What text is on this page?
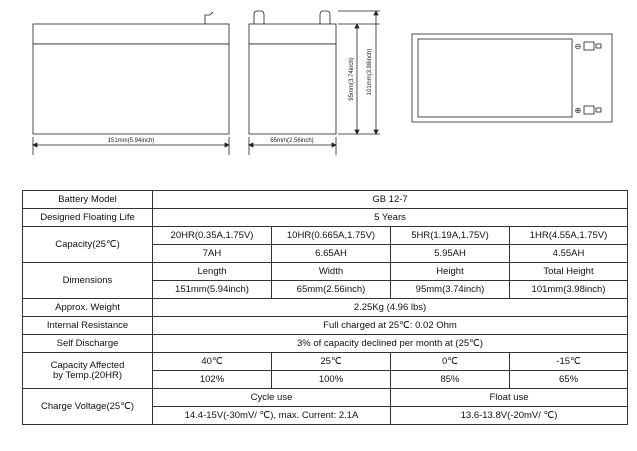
151mm(5.94inch)	65mm(2.56inch)
95mm(3.74inch) 101mm(3.98inch)
⊖
⊕
Battery Model	GB 12-7			
Designed Floating Life	5 Years			
Capacity(25℃)	20HR(0.35A,1.75V)	10HR(0.665A,1.75V)	5HR(1.19A,1.75V)	1HR(4.55A,1.75V)
	7AH	6.65AH	5.95AH	4.55AH
Dimensions	Length	Width	Height	Total Height
	151mm(5.94inch)	65mm(2.56inch)	95mm(3.74inch)	101mm(3.98inch)
Approx. Weight	2.25Kg (4.96 lbs)			
Internal Resistance	Full charged at 25℃: 0.02 Ohm			
Self Discharge	3% of capacity declined per month at (25℃)			
Capacity Affected
by Temp.(20HR)	40℃	25℃	0℃	-15℃
	102%	100%	85%	65%
Charge Voltage(25℃)	Cycle use		Float use	
	14.4-15V(-30mV/ ℃), max. Current: 2.1A		13.6-13.8V(-20mV/ ℃)	
